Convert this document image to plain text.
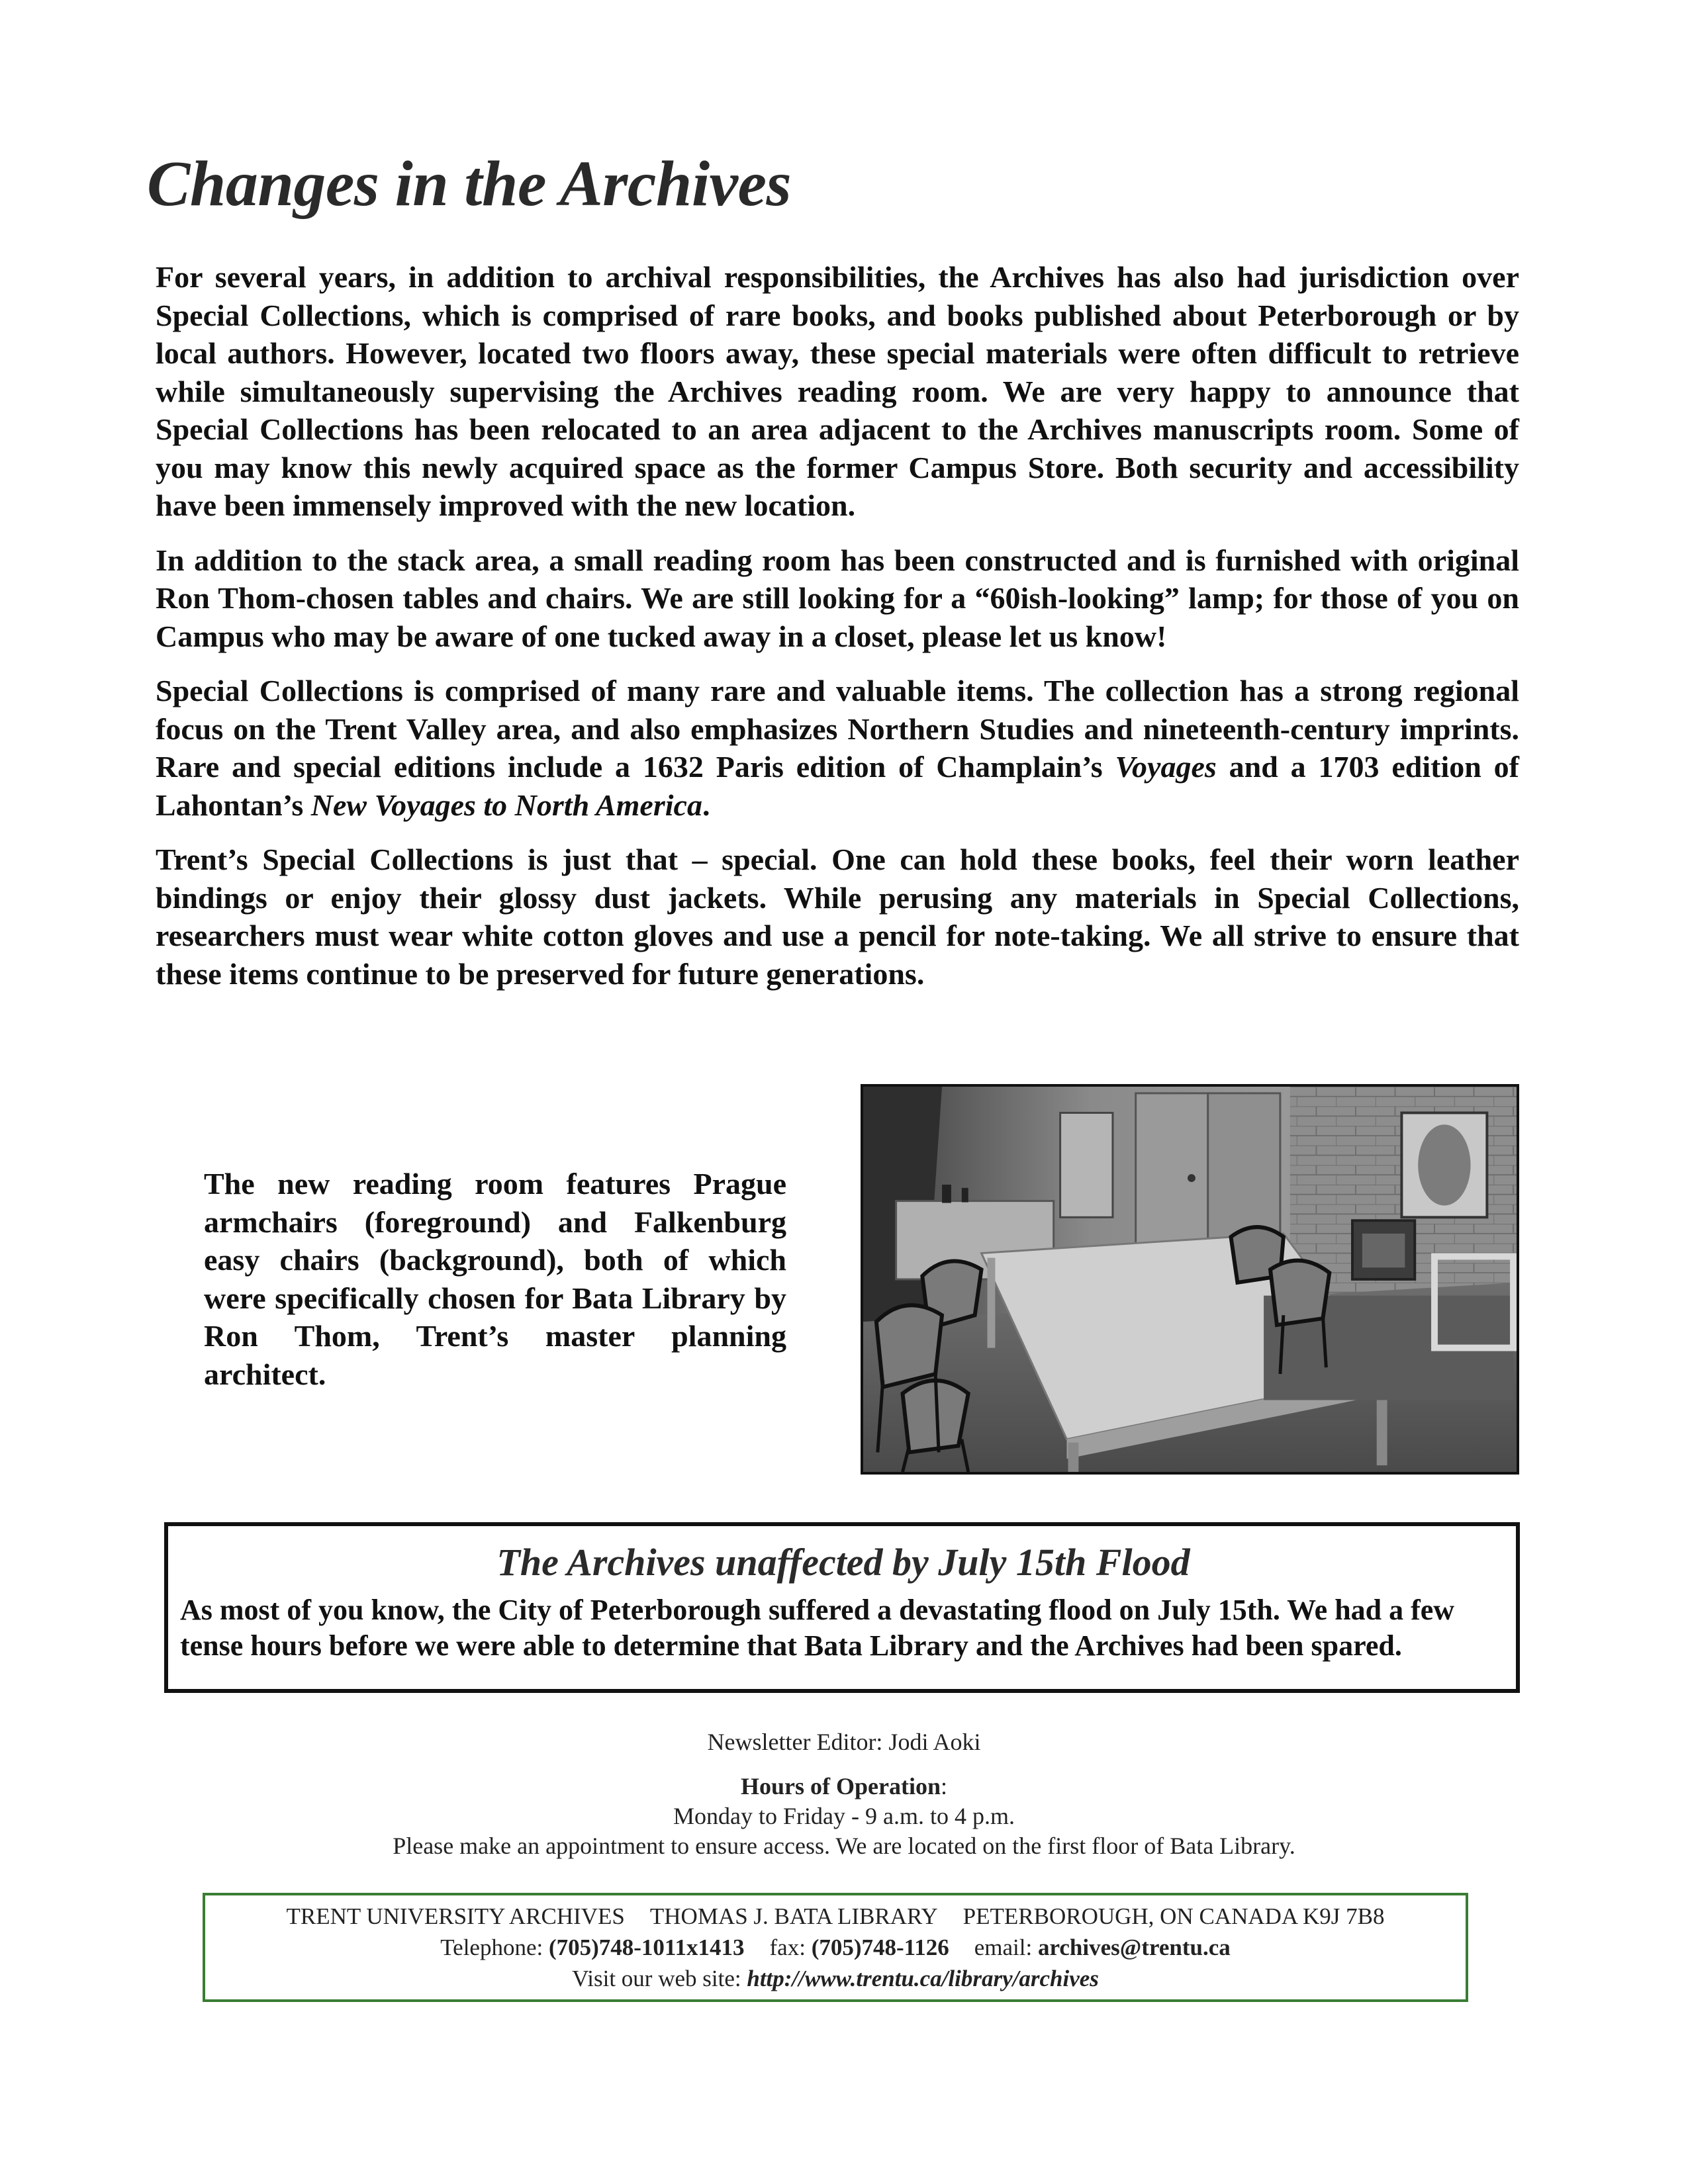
Changes in the Archives

For several years, in addition to archival responsibilities, the Archives has also had jurisdiction over Special Collections, which is comprised of rare books, and books published about Peterborough or by local authors. However, located two floors away, these special materials were often difficult to retrieve while simultaneously supervising the Archives reading room. We are very happy to announce that Special Collections has been relocated to an area adjacent to the Archives manuscripts room. Some of you may know this newly acquired space as the former Campus Store. Both security and accessibility have been immensely improved with the new location.

In addition to the stack area, a small reading room has been constructed and is furnished with original Ron Thom-chosen tables and chairs. We are still looking for a “60ish-looking” lamp; for those of you on Campus who may be aware of one tucked away in a closet, please let us know!

Special Collections is comprised of many rare and valuable items. The collection has a strong regional focus on the Trent Valley area, and also emphasizes Northern Studies and nineteenth-century imprints. Rare and special editions include a 1632 Paris edition of Champlain’s Voyages and a 1703 edition of Lahontan’s New Voyages to North America.

Trent’s Special Collections is just that – special. One can hold these books, feel their worn leather bindings or enjoy their glossy dust jackets. While perusing any materials in Special Collections, researchers must wear white cotton gloves and use a pencil for note-taking. We all strive to ensure that these items continue to be preserved for future generations.

The new reading room features Prague armchairs (foreground) and Falkenburg easy chairs (background), both of which were specifically chosen for Bata Library by Ron Thom, Trent’s master planning architect.
The Archives unaffected by July 15th Flood
As most of you know, the City of Peterborough suffered a devastating flood on July 15th. We had a few tense hours before we were able to determine that Bata Library and the Archives had been spared.
Newsletter Editor: Jodi Aoki
Hours of Operation:
Monday to Friday - 9 a.m. to 4 p.m.
Please make an appointment to ensure access. We are located on the first floor of Bata Library.
TRENT UNIVERSITY ARCHIVES THOMAS J. BATA LIBRARY PETERBOROUGH, ON CANADA K9J 7B8
Telephone: (705)748-1011x1413 fax: (705)748-1126 email: archives@trentu.ca
Visit our web site: http://www.trentu.ca/library/archives
